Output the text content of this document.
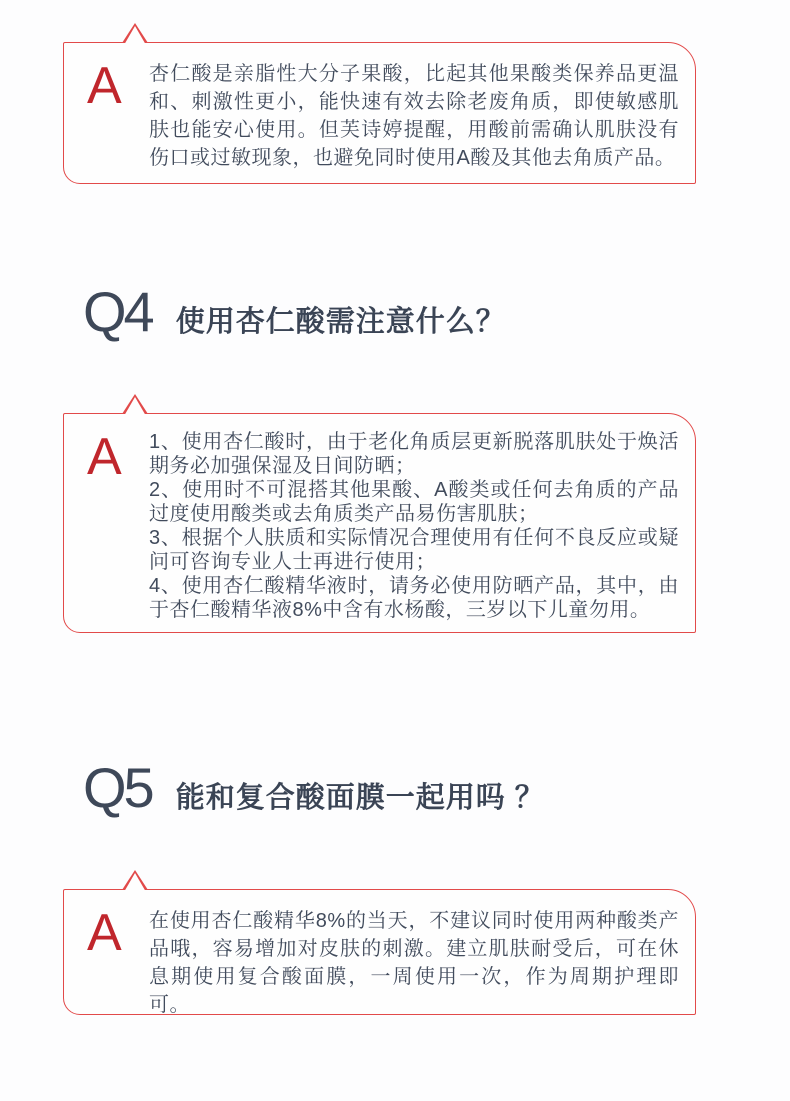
A 杏仁酸是亲脂性大分子果酸，比起其他果酸类保养品更温和、刺激性更小，能快速有效去除老废角质，即使敏感肌肤也能安心使用。但芙诗婷提醒，用酸前需确认肌肤没有伤口或过敏现象，也避免同时使用A酸及其他去角质产品。
Q4 使用杏仁酸需注意什么？
A 1、使用杏仁酸时，由于老化角质层更新脱落肌肤处于焕活期务必加强保湿及日间防晒；

2、使用时不可混搭其他果酸、A酸类或任何去角质的产品过度使用酸类或去角质类产品易伤害肌肤；

3、根据个人肤质和实际情况合理使用有任何不良反应或疑问可咨询专业人士再进行使用；

4、使用杏仁酸精华液时，请务必使用防晒产品，其中，由于杏仁酸精华液8%中含有水杨酸，三岁以下儿童勿用。

Q5 能和复合酸面膜一起用吗 ？
A 在使用杏仁酸精华8%的当天，不建议同时使用两种酸类产品哦，容易增加对皮肤的刺激。建立肌肤耐受后，可在休息期使用复合酸面膜，一周使用一次，作为周期护理即可。
